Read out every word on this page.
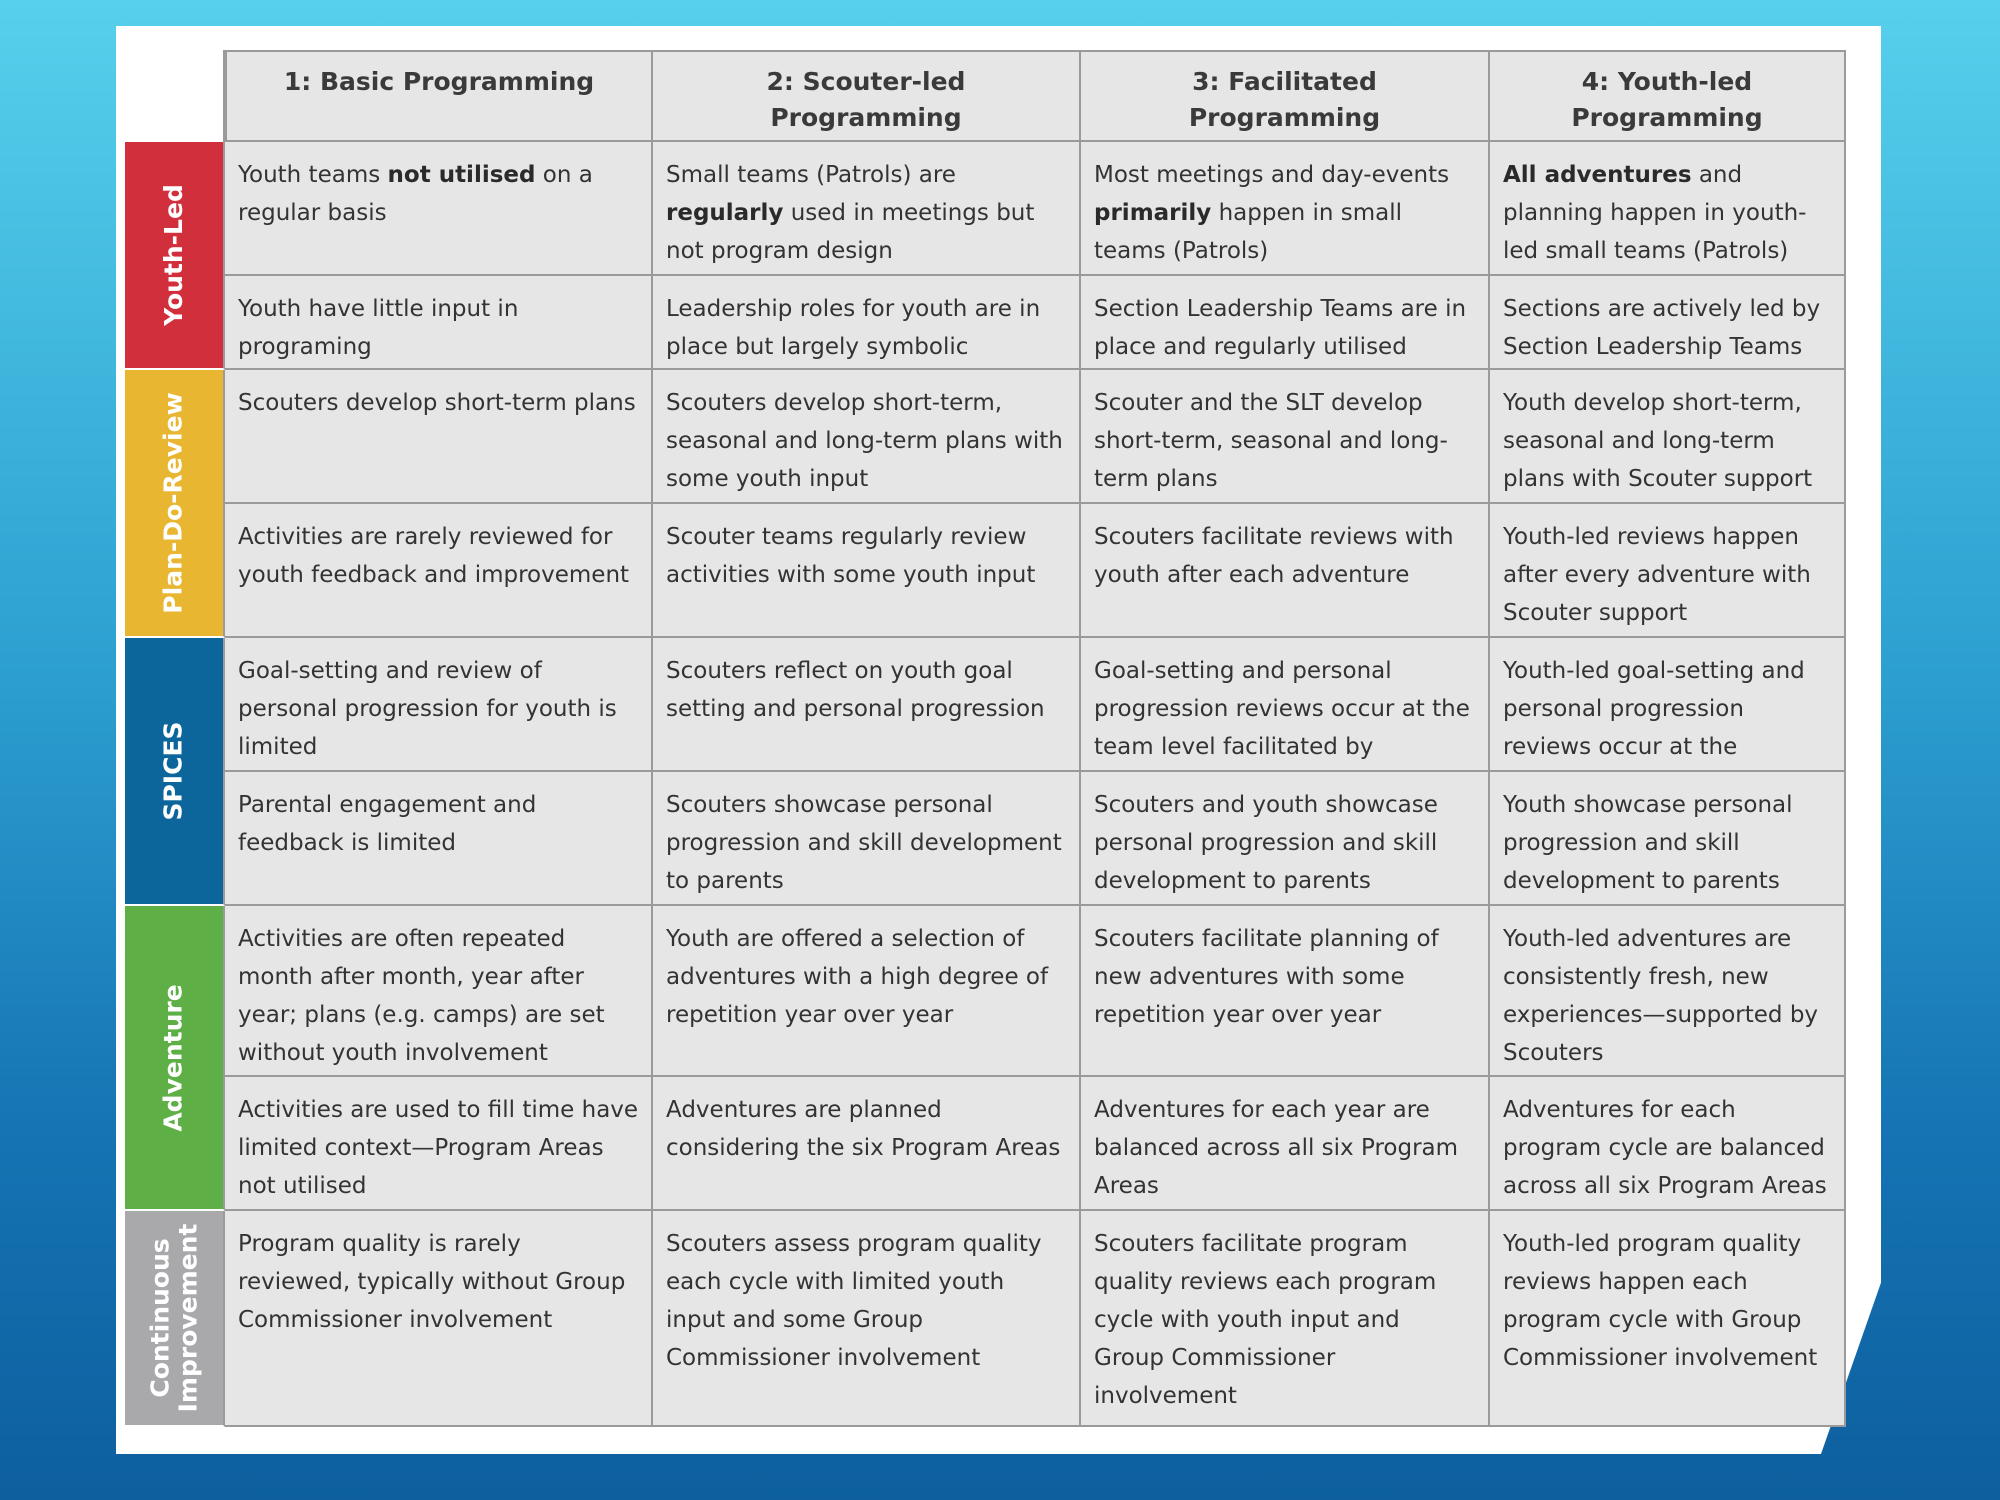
1: Basic Programming	2: Scouter-led Programming
3: Facilitated Programming
4: Youth-led Programming
Youth-Led
Plan-Do-Review
SPICES
Adventure
Continuous Improvement
Youth teams not utilised on a regular basis
Small teams (Patrols) are regularly used in meetings but not program design
Most meetings and day-events primarily happen in small teams (Patrols)
All adventures and planning happen in youth-led small teams (Patrols)
Youth have little input in programing
Leadership roles for youth are in place but largely symbolic
Section Leadership Teams are in place and regularly utilised
Sections are actively led by Section Leadership Teams
Scouters develop short-term plans	Scouters develop short-term, seasonal and long-term plans with some youth input
Scouter and the SLT develop short-term, seasonal and long-term plans
Youth develop short-term, seasonal and long-term plans with Scouter support
Activities are rarely reviewed for youth feedback and improvement
Scouter teams regularly review activities with some youth input
Scouters facilitate reviews with youth after each adventure
Youth-led reviews happen after every adventure with Scouter support
Goal-setting and review of personal progression for youth is limited
Scouters reflect on youth goal setting and personal progression
Goal-setting and personal progression reviews occur at the team level facilitated by
Youth-led goal-setting and personal progression reviews occur at the
Parental engagement and feedback is limited
Scouters showcase personal progression and skill development to parents
Scouters and youth showcase personal progression and skill development to parents
Youth showcase personal progression and skill development to parents
Activities are often repeated month after month, year after year; plans (e.g. camps) are set without youth involvement
Youth are offered a selection of adventures with a high degree of repetition year over year
Scouters facilitate planning of new adventures with some repetition year over year
Youth-led adventures are consistently fresh, new experiences—supported by Scouters
Activities are used to fill time have limited context—Program Areas not utilised
Adventures are planned considering the six Program Areas
Adventures for each year are balanced across all six Program Areas
Adventures for each program cycle are balanced across all six Program Areas
Program quality is rarely reviewed, typically without Group Commissioner involvement
Scouters assess program quality each cycle with limited youth input and some Group Commissioner involvement
Scouters facilitate program quality reviews each program cycle with youth input and Group Commissioner involvement
Youth-led program quality reviews happen each program cycle with Group Commissioner involvement
